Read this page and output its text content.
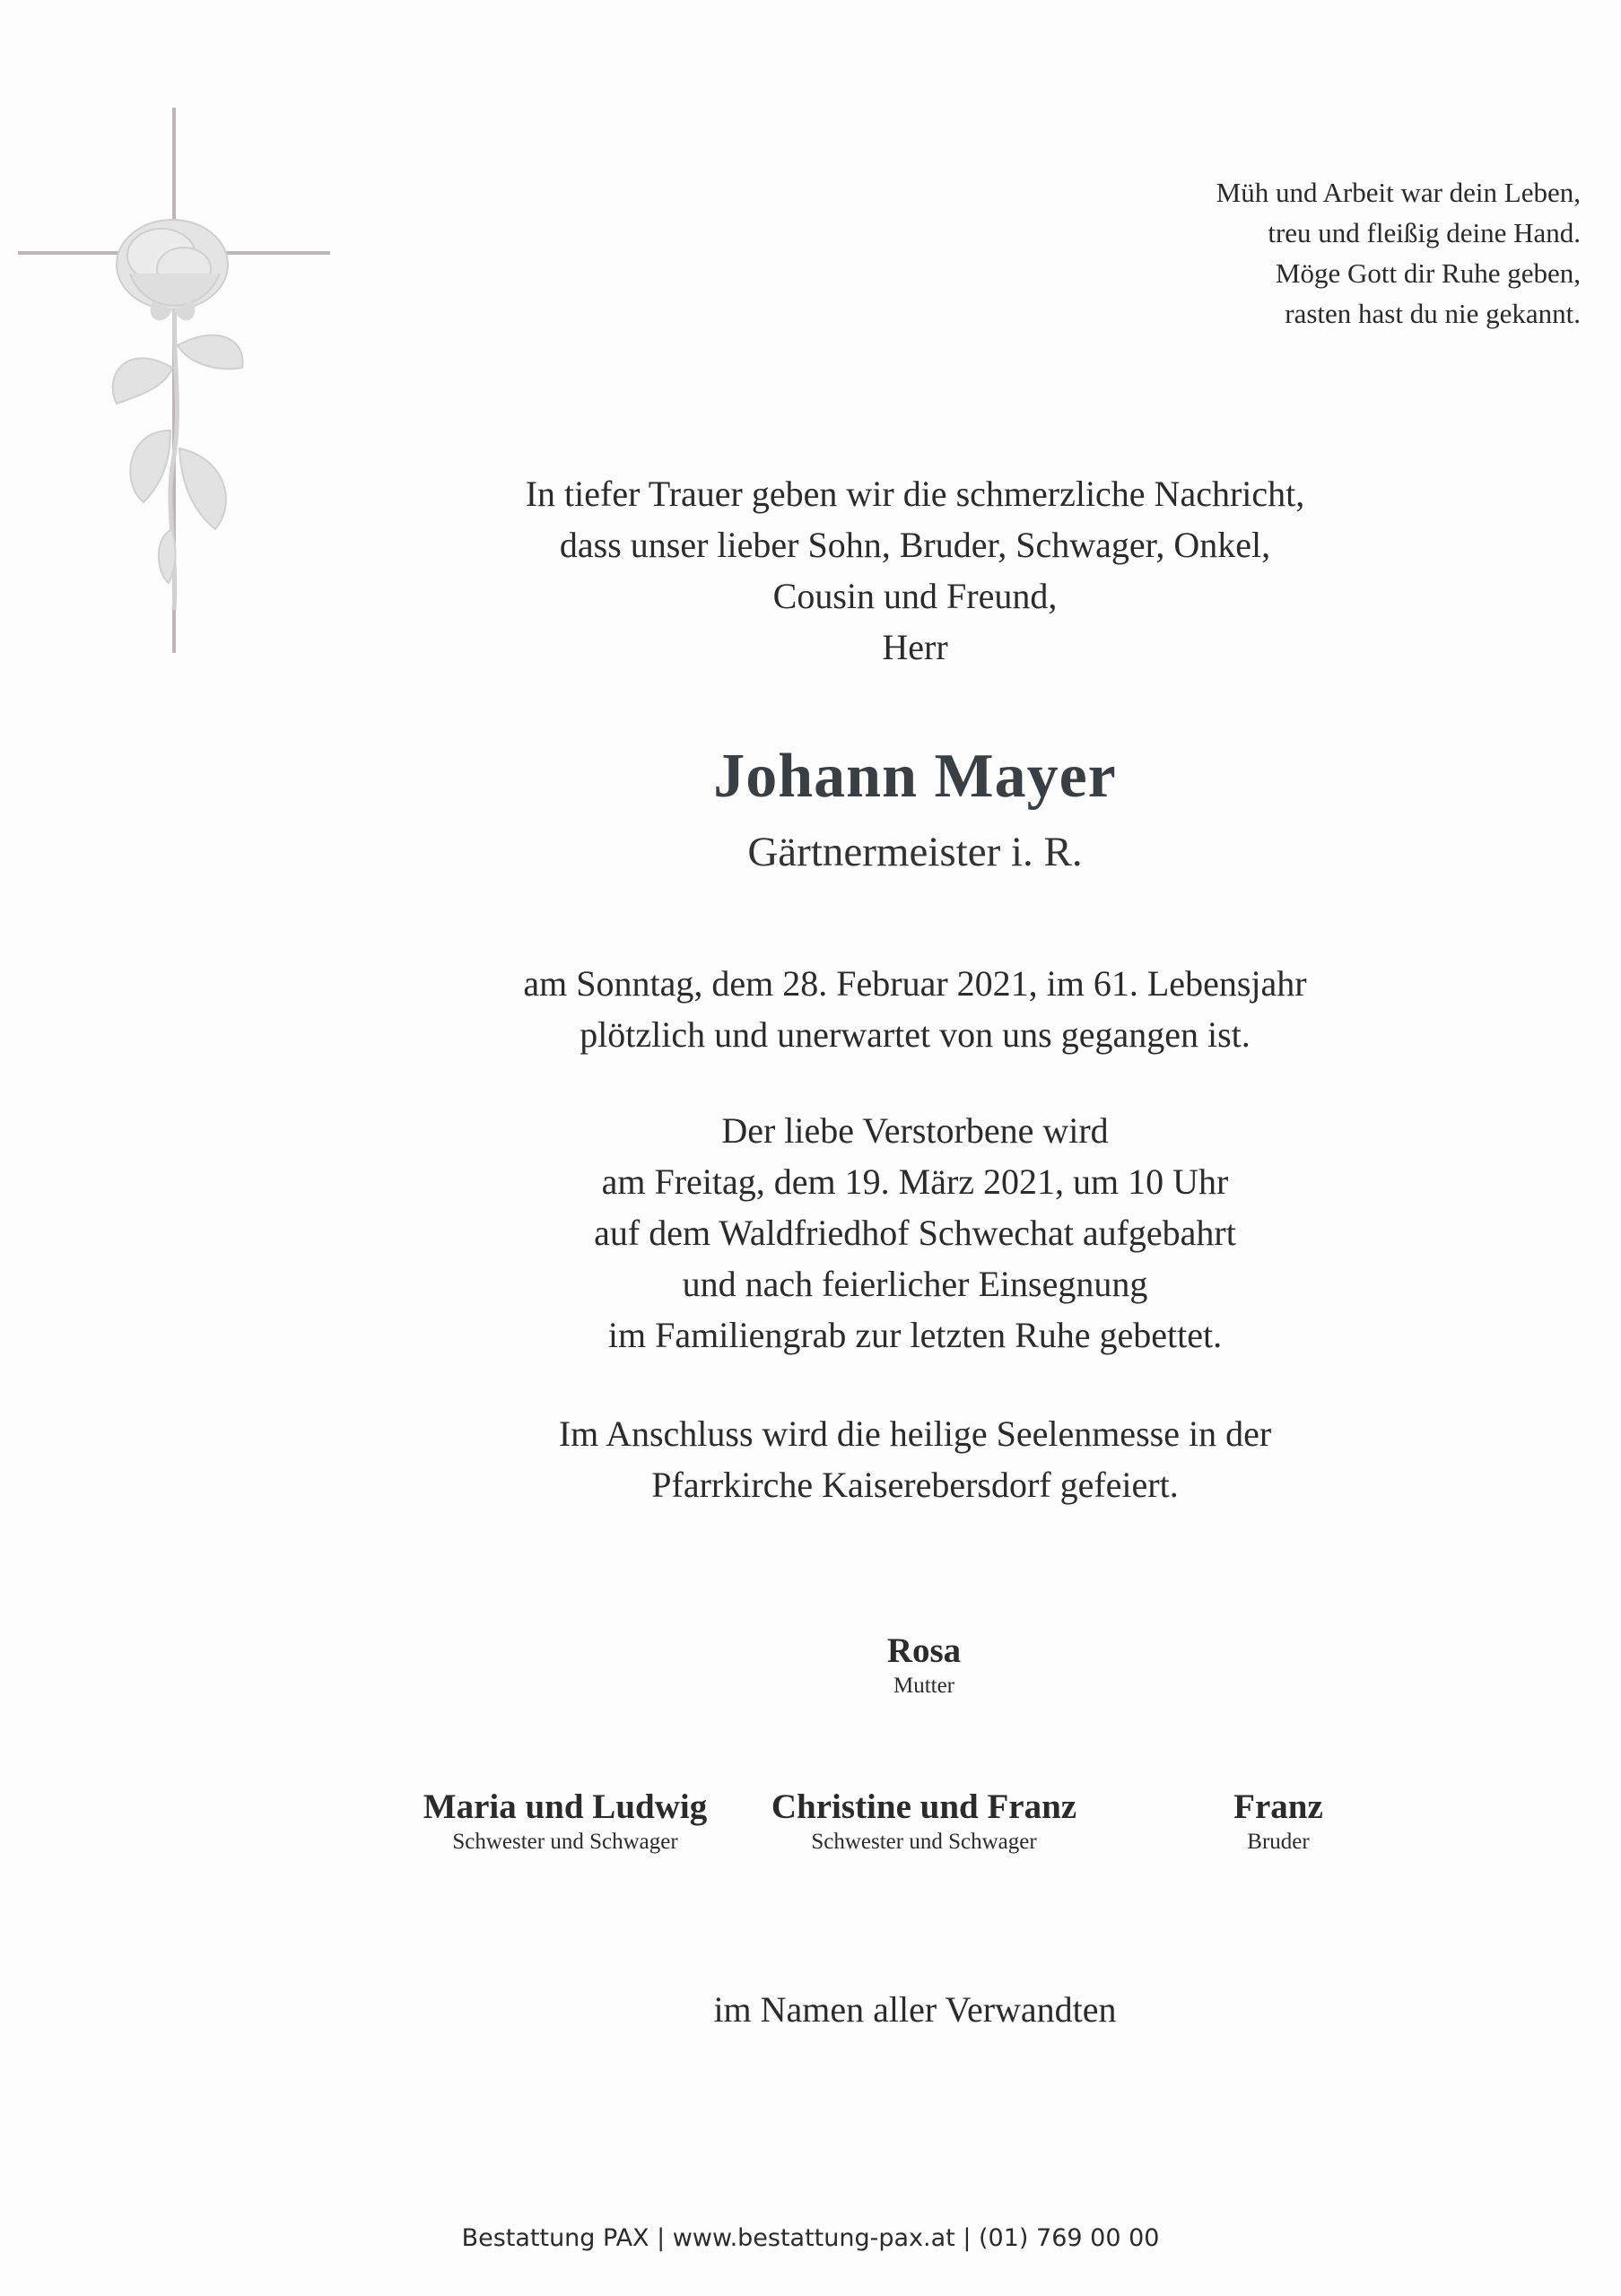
Müh und Arbeit war dein Leben,
treu und fleißig deine Hand.
Möge Gott dir Ruhe geben,
rasten hast du nie gekannt.
In tiefer Trauer geben wir die schmerzliche Nachricht,
dass unser lieber Sohn, Bruder, Schwager, Onkel,
Cousin und Freund,
Herr
Johann Mayer
Gärtnermeister i. R.
am Sonntag, dem 28. Februar 2021, im 61. Lebensjahr
plötzlich und unerwartet von uns gegangen ist.
Der liebe Verstorbene wird
am Freitag, dem 19. März 2021, um 10 Uhr
auf dem Waldfriedhof Schwechat aufgebahrt
und nach feierlicher Einsegnung
im Familiengrab zur letzten Ruhe gebettet.
Im Anschluss wird die heilige Seelenmesse in der
Pfarrkirche Kaiserebersdorf gefeiert.
Rosa
Mutter
Maria und Ludwig
Schwester und Schwager
Christine und Franz
Schwester und Schwager
Franz
Bruder
im Namen aller Verwandten
Bestattung PAX | www.bestattung-pax.at | (01) 769 00 00
